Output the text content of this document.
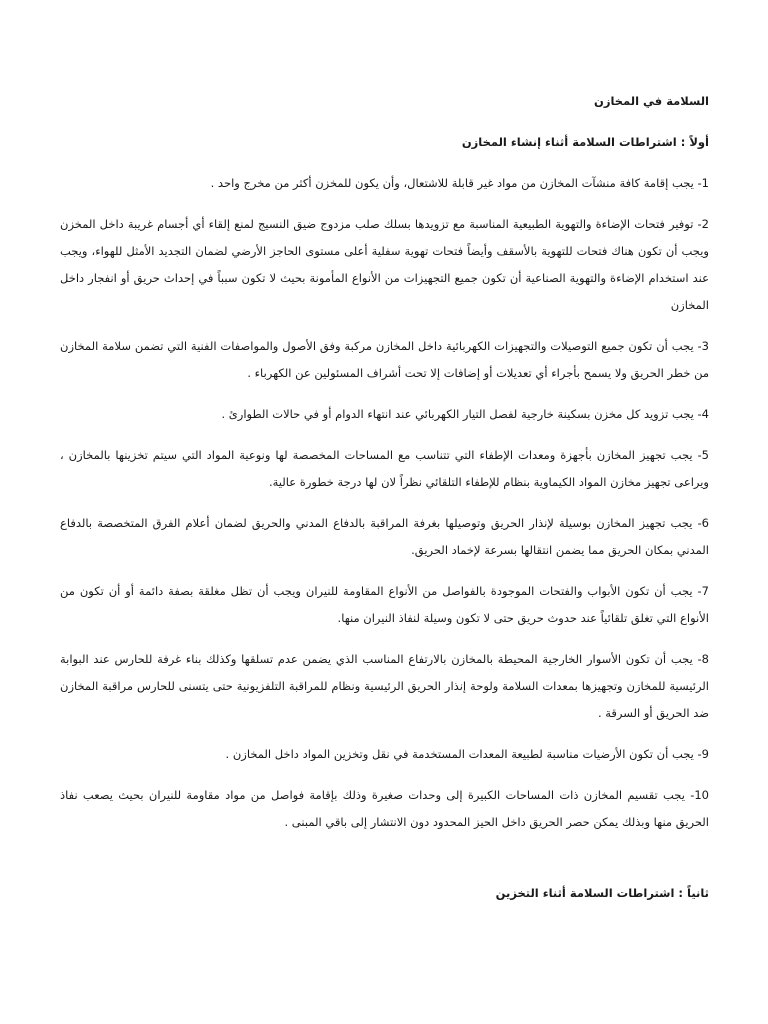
السلامة في المخازن

أولاً : اشتراطات السلامة أثناء إنشاء المخازن

1- يجب إقامة كافة منشآت المخازن من مواد غير قابلة للاشتعال، وأن يكون للمخزن أكثر من مخرج واحد .

2- توفير فتحات الإضاءة والتهوية الطبيعية المناسبة مع تزويدها بسلك صلب مزدوج ضيق النسيج لمنع إلقاء أي أجسام غريبة داخل المخزن ويجب أن تكون هناك فتحات للتهوية بالأسقف وأيضاً فتحات تهوية سفلية أعلى مستوى الحاجز الأرضي لضمان التجديد الأمثل للهواء، ويجب عند استخدام الإضاءة والتهوية الصناعية أن تكون جميع التجهيزات من الأنواع المأمونة بحيث لا تكون سبباً في إحداث حريق أو انفجار داخل المخازن

3- يجب أن تكون جميع التوصيلات والتجهيزات الكهربائية داخل المخازن مركبة وفق الأصول والمواصفات الفنية التي تضمن سلامة المخازن من خطر الحريق ولا يسمح بأجراء أي تعديلات أو إضافات إلا تحت أشراف المسئولين عن الكهرباء .

4- يجب تزويد كل مخزن بسكينة خارجية لفصل التيار الكهربائي عند انتهاء الدوام أو في حالات الطوارئ .

5- يجب تجهيز المخازن بأجهزة ومعدات الإطفاء التي تتناسب مع المساحات المخصصة لها ونوعية المواد التي سيتم تخزينها بالمخازن ، ويراعى تجهيز مخازن المواد الكيماوية بنظام للإطفاء التلقائي نظراً لان لها درجة خطورة عالية.

6- يجب تجهيز المخازن بوسيلة لإنذار الحريق وتوصيلها بغرفة المراقبة بالدفاع المدني والحريق لضمان أعلام الفرق المتخصصة بالدفاع المدني بمكان الحريق مما يضمن انتقالها بسرعة لإخماد الحريق.

7- يجب أن تكون الأبواب والفتحات الموجودة بالفواصل من الأنواع المقاومة للنيران ويجب أن تظل مغلقة بصفة دائمة أو أن تكون من الأنواع التي تغلق تلقائياً عند حدوث حريق حتى لا تكون وسيلة لنفاذ النيران منها.

8- يجب أن تكون الأسوار الخارجية المحيطة بالمخازن بالارتفاع المناسب الذي يضمن عدم تسلقها وكذلك بناء غرفة للحارس عند البوابة الرئيسية للمخازن وتجهيزها بمعدات السلامة ولوحة إنذار الحريق الرئيسية ونظام للمراقبة التلفزيونية حتى يتسنى للحارس مراقبة المخازن ضد الحريق أو السرقة .

9- يجب أن تكون الأرضيات مناسبة لطبيعة المعدات المستخدمة في نقل وتخزين المواد داخل المخازن .

10- يجب تقسيم المخازن ذات المساحات الكبيرة إلى وحدات صغيرة وذلك بإقامة فواصل من مواد مقاومة للنيران بحيث يصعب نفاذ الحريق منها وبذلك يمكن حصر الحريق داخل الحيز المحدود دون الانتشار إلى باقي المبنى .

ثانياً : اشتراطات السلامة أثناء التخزين
